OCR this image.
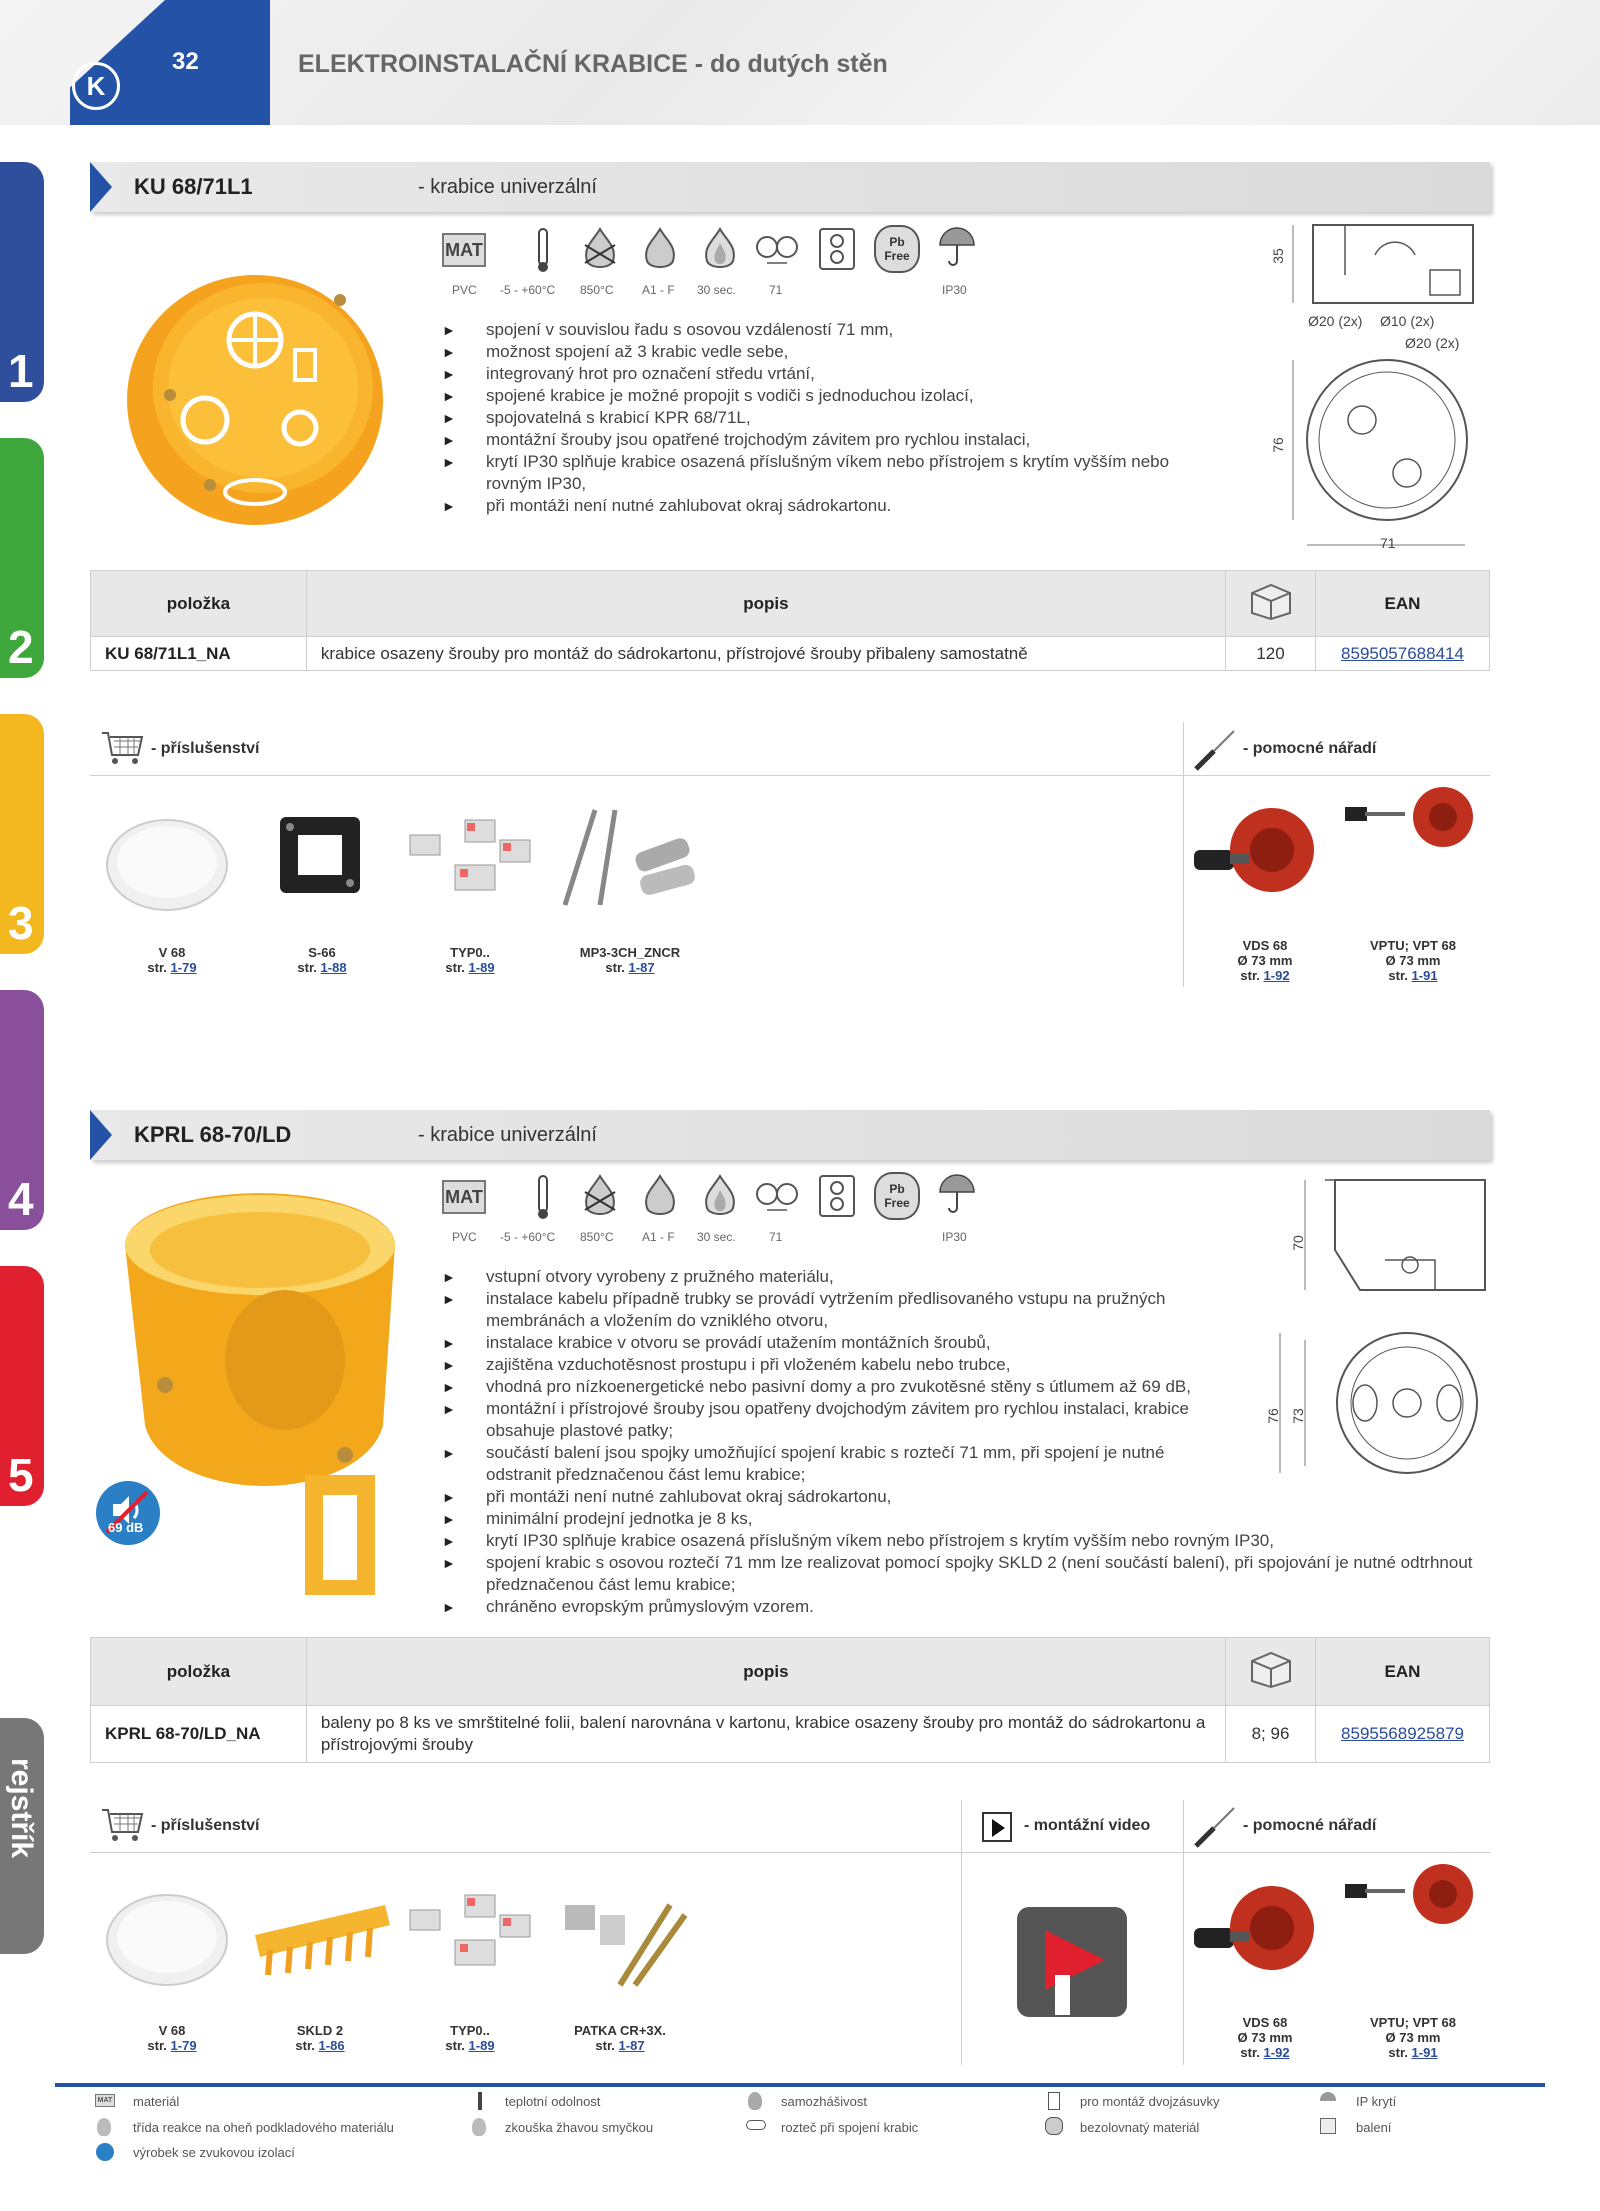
K
32	ELEKTROINSTALAČNÍ KRABICE - do dutých stěn
1
2
3
4
5
rejstřík
KU 68/71L1	- krabice univerzální
MAT	Pb Free
PVC -5 - +60°C 850°C A1 - F 30 sec.	71	IP30
► spojení v souvislou řadu s osovou vzdáleností 71 mm,
► možnost spojení až 3 krabic vedle sebe,
► integrovaný hrot pro označení středu vrtání,
► spojené krabice je možné propojit s vodiči s jednoduchou izolací,
► spojovatelná s krabicí KPR 68/71L,
► montážní šrouby jsou opatřené trojchodým závitem pro rychlou instalaci,
► krytí IP30 splňuje krabice osazená příslušným víkem nebo přístrojem s krytím vyšším nebo rovným IP30,
► při montáži není nutné zahlubovat okraj sádrokartonu.
35
Ø20 (2x) Ø10 (2x)
Ø20 (2x)
76
71
položka	popis		EAN
KU 68/71L1_NA	krabice osazeny šrouby pro montáž do sádrokartonu, přístrojové šrouby přibaleny samostatně	120	8595057688414
- příslušenství	- pomocné nářadí
V 68
str. 1-79
S-66
str. 1-88
TYP0..
str. 1-89
MP3-3CH_ZNCR
str. 1-87
VDS 68
Ø 73 mm
str. 1-92
VPTU; VPT 68
Ø 73 mm
str. 1-91
KPRL 68-70/LD	- krabice univerzální
69 dB
MAT	Pb Free
PVC -5 - +60°C 850°C A1 - F 30 sec.	71	IP30
► vstupní otvory vyrobeny z pružného materiálu,
► instalace kabelu případně trubky se provádí vytržením předlisovaného vstupu na pružných membránách a vložením do vzniklého otvoru,
► instalace krabice v otvoru se provádí utažením montážních šroubů,
► zajištěna vzduchotěsnost prostupu i při vloženém kabelu nebo trubce,
► vhodná pro nízkoenergetické nebo pasivní domy a pro zvukotěsné stěny s útlumem až 69 dB,
► montážní i přístrojové šrouby jsou opatřeny dvojchodým závitem pro rychlou instalaci, krabice obsahuje plastové patky;
► součástí balení jsou spojky umožňující spojení krabic s roztečí 71 mm, při spojení je nutné odstranit předznačenou část lemu krabice;
► při montáži není nutné zahlubovat okraj sádrokartonu,
► minimální prodejní jednotka je 8 ks,
► krytí IP30 splňuje krabice osazená příslušným víkem nebo přístrojem s krytím vyšším nebo rovným IP30,
► spojení krabic s osovou roztečí 71 mm lze realizovat pomocí spojky SKLD 2 (není součástí balení), při spojování je nutné odtrhnout předznačenou část lemu krabice;
► chráněno evropským průmyslovým vzorem.
70
76 73
položka	popis		EAN
KPRL 68-70/LD_NA	baleny po 8 ks ve smrštitelné folii, balení narovnána v kartonu, krabice osazeny šrouby pro montáž do sádrokartonu a přístrojovými šrouby	8; 96	8595568925879
- příslušenství	- montážní video	- pomocné nářadí
V 68
str. 1-79
SKLD 2
str. 1-86
TYP0..
str. 1-89
PATKA CR+3X.
str. 1-87
VDS 68
Ø 73 mm
str. 1-92
VPTU; VPT 68
Ø 73 mm
str. 1-91
MAT materiál	teplotní odolnost	samozhášivost	pro montáž dvojzásuvky	IP krytí
třída reakce na oheň podkladového materiálu	zkouška žhavou smyčkou	rozteč při spojení krabic	bezolovnatý materiál	balení
výrobek se zvukovou izolací
